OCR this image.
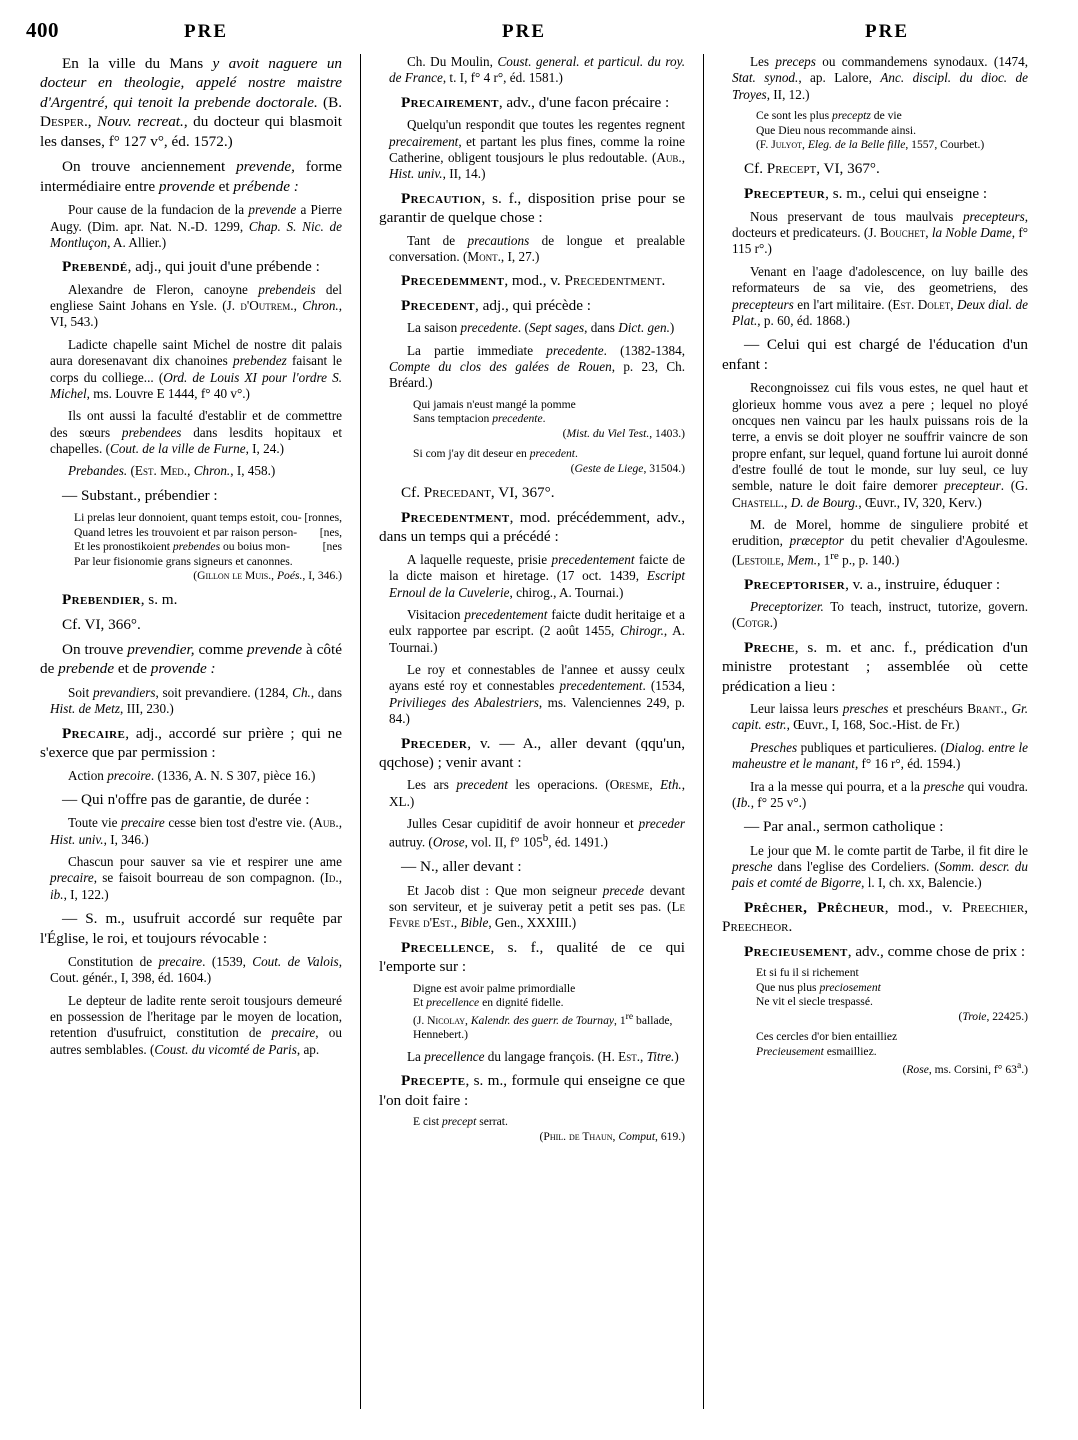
400	PRE	PRE	PRE

En la ville du Mans y avoit naguere un docteur en theologie, appelé nostre maistre d'Argentré, qui tenoit la prebende doctorale. (B. Desper., Nouv. recreat., du docteur qui blasmoit les danses, f° 127 v°, éd. 1572.)

On trouve anciennement prevende, forme intermédiaire entre provende et prébende :

Pour cause de la fundacion de la prevende a Pierre Augy. (Dim. apr. Nat. N.-D. 1299, Chap. S. Nic. de Montluçon, A. Allier.)

Prebendé, adj., qui jouit d'une prébende :

Alexandre de Fleron, canoyne prebendeis del engliese Saint Johans en Ysle. (J. d'Outrem., Chron., VI, 543.)

Ladicte chapelle saint Michel de nostre dit palais aura doresenavant dix chanoines prebendez faisant le corps du colliege... (Ord. de Louis XI pour l'ordre S. Michel, ms. Louvre E 1444, f° 40 v°.)

Ils ont aussi la faculté d'establir et de commettre des sœurs prebendees dans lesdits hopitaux et chapelles. (Cout. de la ville de Furne, I, 24.)

Prebandes. (Est. Med., Chron., I, 458.)

— Substant., prébendier :

Li prelas leur donnoient, quant temps estoit, cou- [ronnes,

Quand letres les trouvoient et par raison person- [nes,

Et les pronostikoient prebendes ou boius mon-	[nes

Par leur fisionomie grans signeurs et canonnes.

(Gillon le Muis., Poés., I, 346.)

Prebendier, s. m.

Cf. VI, 366°.

On trouve prevendier, comme prevende à côté de prebende et de provende :

Soit prevandiers, soit prevandiere. (1284, Ch., dans Hist. de Metz, III, 230.)

Precaire, adj., accordé sur prière ; qui ne s'exerce que par permission :

Action precoire. (1336, A. N. S 307, pièce 16.)

— Qui n'offre pas de garantie, de durée :

Toute vie precaire cesse bien tost d'estre vie. (Aub., Hist. univ., I, 346.)

Chascun pour sauver sa vie et respirer une ame precaire, se faisoit bourreau de son compagnon. (Id., ib., I, 122.)

— S. m., usufruit accordé sur requête par l'Église, le roi, et toujours révocable :

Constitution de precaire. (1539, Cout. de Valois, Cout. génér., I, 398, éd. 1604.)

Le depteur de ladite rente seroit tousjours demeuré en possession de l'heritage par le moyen de location, retention d'usufruict, constitution de precaire, ou autres semblables. (Coust. du vicomté de Paris, ap.

Ch. Du Moulin, Coust. general. et particul. du roy. de France, t. I, f° 4 r°, éd. 1581.)

Precairement, adv., d'une facon précaire :

Quelqu'un respondit que toutes les regentes regnent precairement, et partant les plus fines, comme la roine Catherine, obligent tousjours le plus redoutable. (Aub., Hist. univ., II, 14.)

Precaution, s. f., disposition prise pour se garantir de quelque chose :

Tant de precautions de longue et prealable conversation. (Mont., I, 27.)

Precedemment, mod., v. Precedentment.

Precedent, adj., qui précède :

La saison precedente. (Sept sages, dans Dict. gen.)

La partie immediate precedente. (1382-1384, Compte du clos des galées de Rouen, p. 23, Ch. Bréard.)

Qui jamais n'eust mangé la pomme
Sans temptacion precedente.

(Mist. du Viel Test., 1403.)

Si com j'ay dit deseur en precedent.

(Geste de Liege, 31504.)

Cf. Precedant, VI, 367°.

Precedentment, mod. précédemment, adv., dans un temps qui a précédé :

A laquelle requeste, prisie precedentement faicte de la dicte maison et hiretage. (17 oct. 1439, Escript Ernoul de la Cuvelerie, chirog., A. Tournai.)

Visitacion precedentement faicte dudit heritaige et a eulx rapportee par escript. (2 août 1455, Chirogr., A. Tournai.)

Le roy et connestables de l'annee et aussy ceulx ayans esté roy et connestables precedentement. (1534, Privilieges des Abalestriers, ms. Valenciennes 249, p. 84.)

Preceder, v. — A., aller devant (qqu'un, qqchose) ; venir avant :

Les ars precedent les operacions. (Oresme, Eth., XL.)

Julles Cesar cupiditif de avoir honneur et preceder autruy. (Orose, vol. II, f° 105$^b$, éd. 1491.)

— N., aller devant :

Et Jacob dist : Que mon seigneur precede devant son serviteur, et je suiveray petit a petit ses pas. (Le Fevre d'Est., Bible, Gen., XXXIII.)

Precellence, s. f., qualité de ce qui l'emporte sur :

Digne est avoir palme primordialle
Et precellence en dignité fidelle.

(J. Nicolay, Kalendr. des guerr. de Tournay, 1re ballade, Hennebert.)

La precellence du langage françois. (H. Est., Titre.)

Precepte, s. m., formule qui enseigne ce que l'on doit faire :

E cist precept serrat.

(Phil. de Thaun, Comput, 619.)

Les preceps ou commandemens synodaux. (1474, Stat. synod., ap. Lalore, Anc. discipl. du dioc. de Troyes, II, 12.)

Ce sont les plus preceptz de vie
Que Dieu nous recommande ainsi.

(F. Julyot, Eleg. de la Belle fille, 1557, Courbet.)

Cf. Precept, VI, 367°.

Precepteur, s. m., celui qui enseigne :

Nous preservant de tous maulvais precepteurs, docteurs et predicateurs. (J. Bouchet, la Noble Dame, f° 115 r°.)

Venant en l'aage d'adolescence, on luy baille des reformateurs de sa vie, des geometriens, des precepteurs en l'art militaire. (Est. Dolet, Deux dial. de Plat., p. 60, éd. 1868.)

— Celui qui est chargé de l'éducation d'un enfant :

Recongnoissez cui fils vous estes, ne quel haut et glorieux homme vous avez a pere ; lequel no ployé oncques nen vaincu par les haulx puissans rois de la terre, a envis se doit ployer ne souffrir vaincre de son propre enfant, sur lequel, quand fortune lui auroit donné d'estre foullé de tout le monde, sur luy seul, ce luy semble, nature le doit faire demorer precepteur. (G. Chastell., D. de Bourg., Œuvr., IV, 320, Kerv.)

M. de Morel, homme de singuliere probité et erudition, præceptor du petit chevalier d'Agoulesme. (Lestoile, Mem., 1re p., p. 140.)

Preceptoriser, v. a., instruire, éduquer :

Preceptorizer. To teach, instruct, tutorize, govern. (Cotgr.)

Preche, s. m. et anc. f., prédication d'un ministre protestant ; assemblée où cette prédication a lieu :

Leur laissa leurs presches et preschéurs Brant., Gr. capit. estr., Œuvr., I, 168, Soc.-Hist. de Fr.)

Presches publiques et particulieres. (Dialog. entre le maheustre et le manant, f° 16 r°, éd. 1594.)

Ira a la messe qui pourra, et a la presche qui voudra. (Ib., f° 25 v°.)

— Par anal., sermon catholique :

Le jour que M. le comte partit de Tarbe, il fit dire le presche dans l'eglise des Cordeliers. (Somm. descr. du pais et comté de Bigorre, l. I, ch. xx, Balencie.)

Prêcher, Prêcheur, mod., v. Preechier, Preecheor.

Precieusement, adv., comme chose de prix :

Et si fu il si richement
Que nus plus preciosement
Ne vit el siecle trespassé.

(Troie, 22425.)

Ces cercles d'or bien entailliez
Precieusement esmailliez.

(Rose, ms. Corsini, f° 63$^a$.)
